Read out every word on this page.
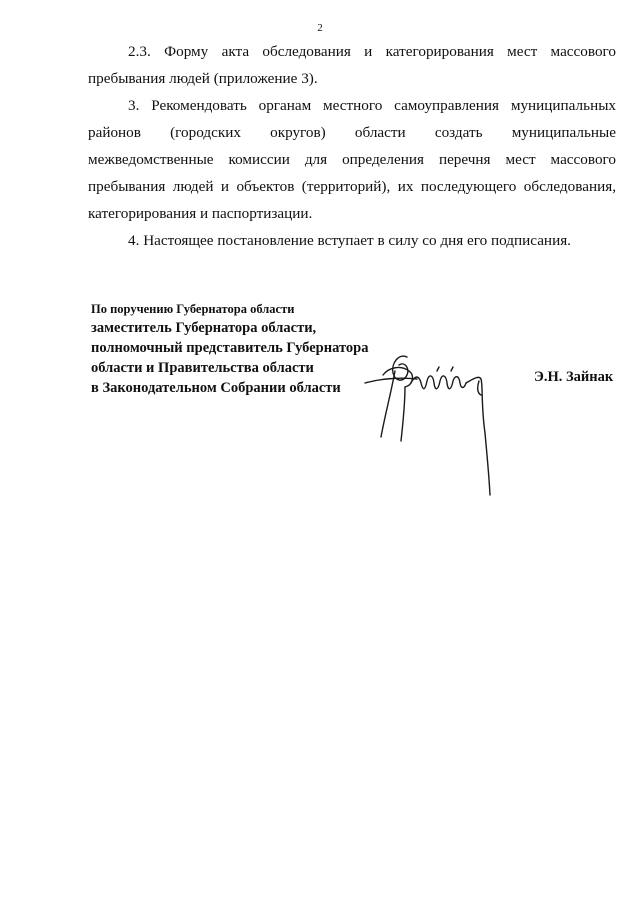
2

2.3. Форму акта обследования и категорирования мест массового пребывания людей (приложение 3).

3. Рекомендовать органам местного самоуправления муниципальных районов (городских округов) области создать муниципальные межведомственные комиссии для определения перечня мест массового пребывания людей и объектов (территорий), их последующего обследования, категорирования и паспортизации.

4. Настоящее постановление вступает в силу со дня его подписания.

По поручению Губернатора области
заместитель Губернатора области,
полномочный представитель Губернатора
области и Правительства области
в Законодательном Собрании области
Э.Н. Зайнак
